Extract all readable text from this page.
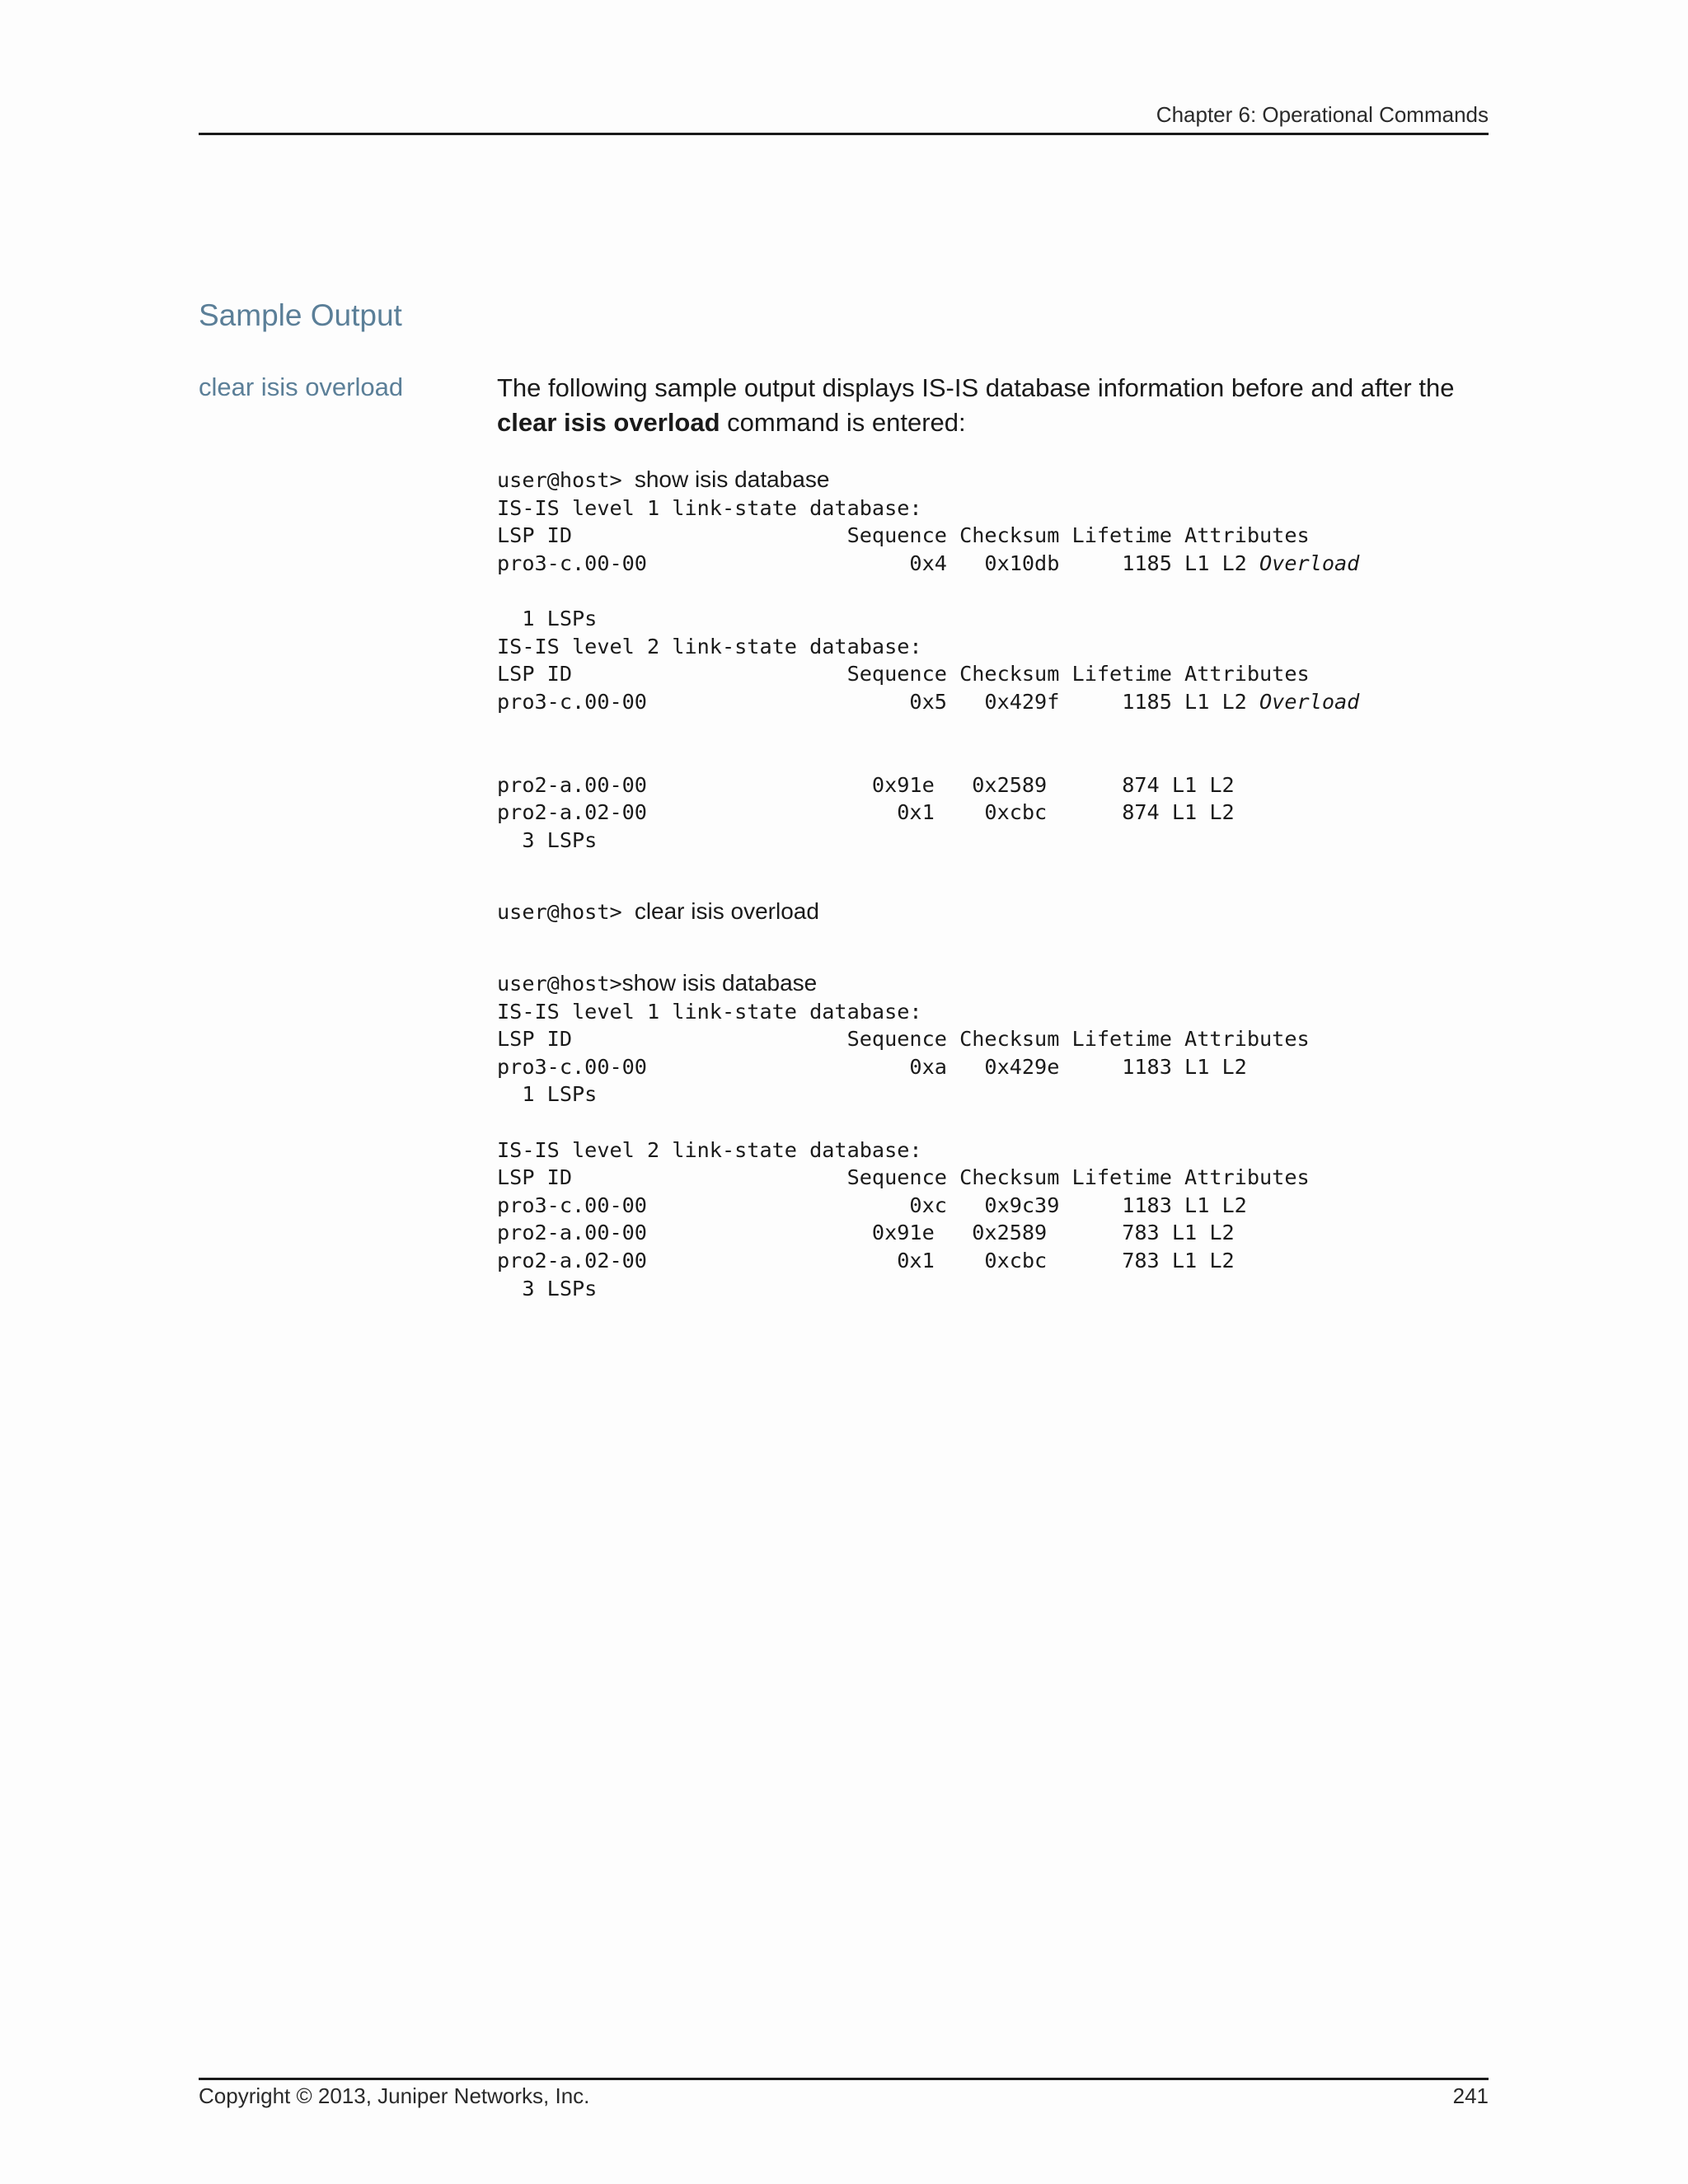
Chapter 6: Operational Commands
Sample Output
clear isis overload	The following sample output displays IS-IS database information before and after the clear isis overload command is entered:
user@host> show isis database
IS-IS level 1 link-state database:
LSP ID                      Sequence Checksum Lifetime Attributes
pro3-c.00-00                     0x4   0x10db     1185 L1 L2 Overload

1 LSPs
IS-IS level 2 link-state database:
LSP ID                      Sequence Checksum Lifetime Attributes
pro3-c.00-00                     0x5   0x429f     1185 L1 L2 Overload

pro2-a.00-00                  0x91e   0x2589      874 L1 L2
pro2-a.02-00                    0x1    0xcbc      874 L1 L2
3 LSPs
user@host> clear isis overload
user@host>show isis database
IS-IS level 1 link-state database:
LSP ID                      Sequence Checksum Lifetime Attributes
pro3-c.00-00                     0xa   0x429e     1183 L1 L2
1 LSPs

IS-IS level 2 link-state database:
LSP ID                      Sequence Checksum Lifetime Attributes
pro3-c.00-00                     0xc   0x9c39     1183 L1 L2
pro2-a.00-00                  0x91e   0x2589      783 L1 L2
pro2-a.02-00                    0x1    0xcbc      783 L1 L2
3 LSPs
Copyright © 2013, Juniper Networks, Inc.	241
